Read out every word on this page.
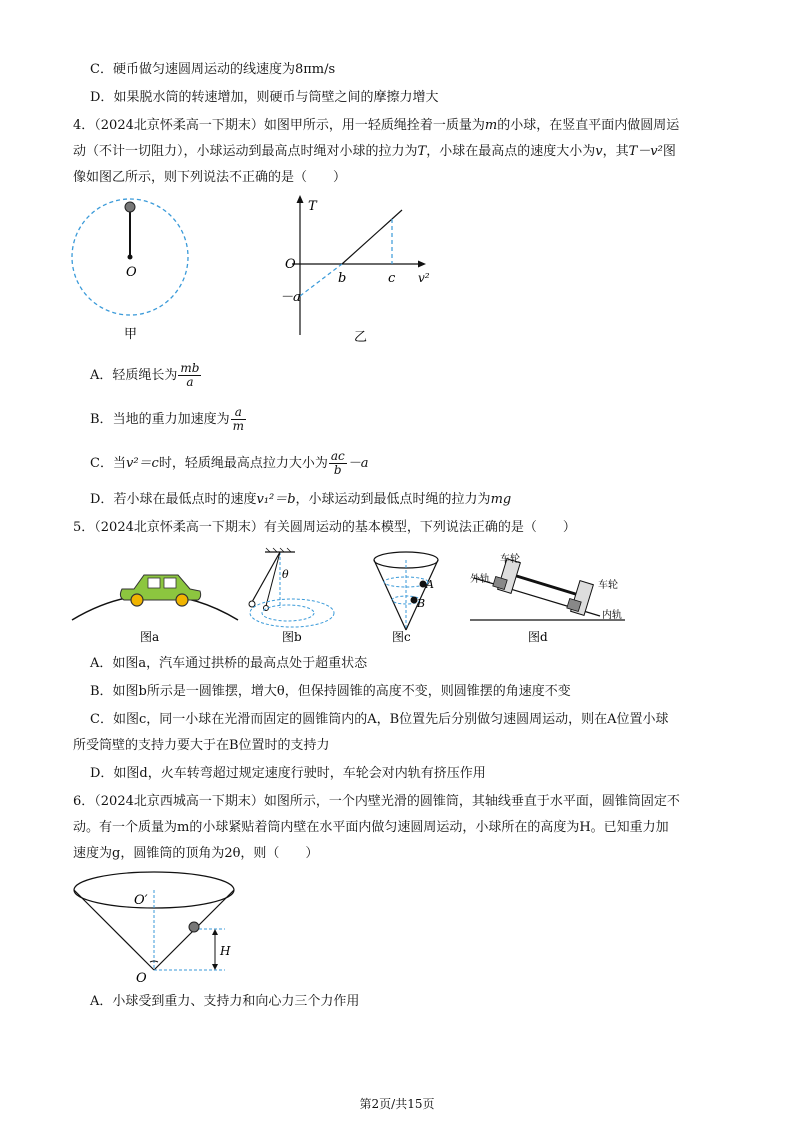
C．硬币做匀速圆周运动的线速度为8πm/s
D．如果脱水筒的转速增加，则硬币与筒壁之间的摩擦力增大
4．（2024北京怀柔高一下期末）如图甲所示，用一轻质绳拴着一质量为m的小球，在竖直平面内做圆周运
动（不计一切阻力），小球运动到最高点时绳对小球的拉力为T，小球在最高点的速度大小为v，其T－v²图
像如图乙所示，则下列说法不正确的是（　　）
O
甲
T
v²
O
b	c
－a
乙
A．轻质绳长为 $\frac{mb}{a}$
B．当地的重力加速度为 $\frac{a}{m}$
C．当v²＝c时，轻质绳最高点拉力大小为 $\frac{ac}{b} -a$
D．若小球在最低点时的速度v₁²＝b，小球运动到最低点时绳的拉力为mg
5．（2024北京怀柔高一下期末）有关圆周运动的基本模型，下列说法正确的是（　　）
图a
θ
图b
A
B
图c
车轮
车轮
外轨
内轨
图d
A．如图a，汽车通过拱桥的最高点处于超重状态
B．如图b所示是一圆锥摆，增大θ，但保持圆锥的高度不变，则圆锥摆的角速度不变
C．如图c，同一小球在光滑而固定的圆锥筒内的A，B位置先后分别做匀速圆周运动，则在A位置小球
所受筒壁的支持力要大于在B位置时的支持力
D．如图d，火车转弯超过规定速度行驶时，车轮会对内轨有挤压作用
6．（2024北京西城高一下期末）如图所示，一个内壁光滑的圆锥筒，其轴线垂直于水平面，圆锥筒固定不
动。有一个质量为m的小球紧贴着筒内壁在水平面内做匀速圆周运动，小球所在的高度为H。已知重力加
速度为g，圆锥筒的顶角为2θ，则（　　）
O′
O
H
A．小球受到重力、支持力和向心力三个力作用
第2页/共15页
